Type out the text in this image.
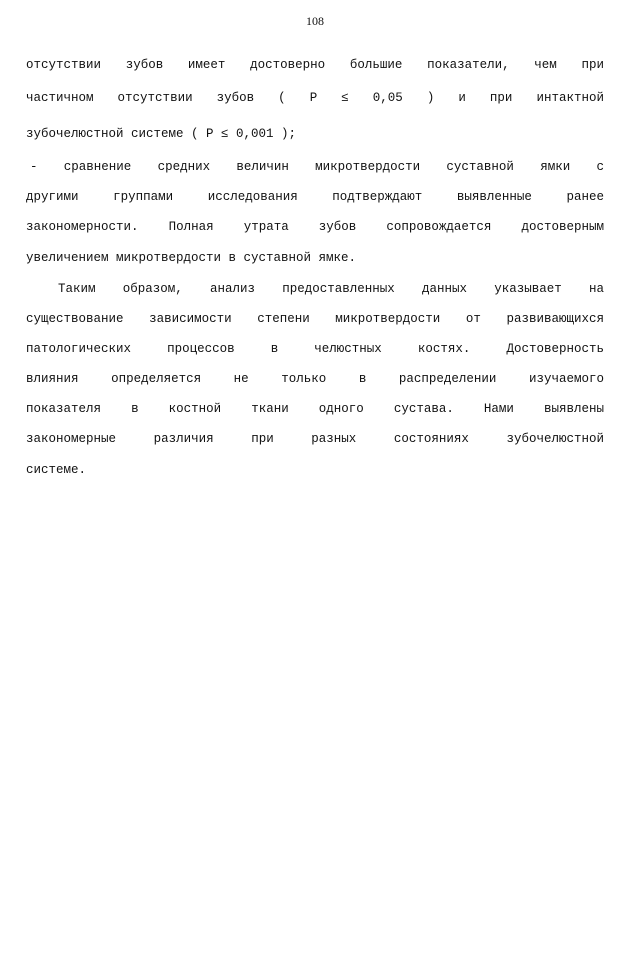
108
отсутствии зубов имеет достоверно большие показатели, чем при
частичном отсутствии зубов ( P ≤ 0,05 ) и при интактной
зубочелюстной системе ( P ≤ 0,001 );
- сравнение средних величин микротвердости суставной ямки с
другими группами исследования подтверждают выявленные ранее
закономерности. Полная утрата зубов сопровождается достоверным
увеличением микротвердости в суставной ямке.
Таким образом, анализ предоставленных данных указывает на
существование зависимости степени микротвердости от развивающихся
патологических процессов в челюстных костях. Достоверность
влияния определяется не только в распределении изучаемого
показателя в костной ткани одного сустава. Нами выявлены
закономерные различия при разных состояниях зубочелюстной
системе.
